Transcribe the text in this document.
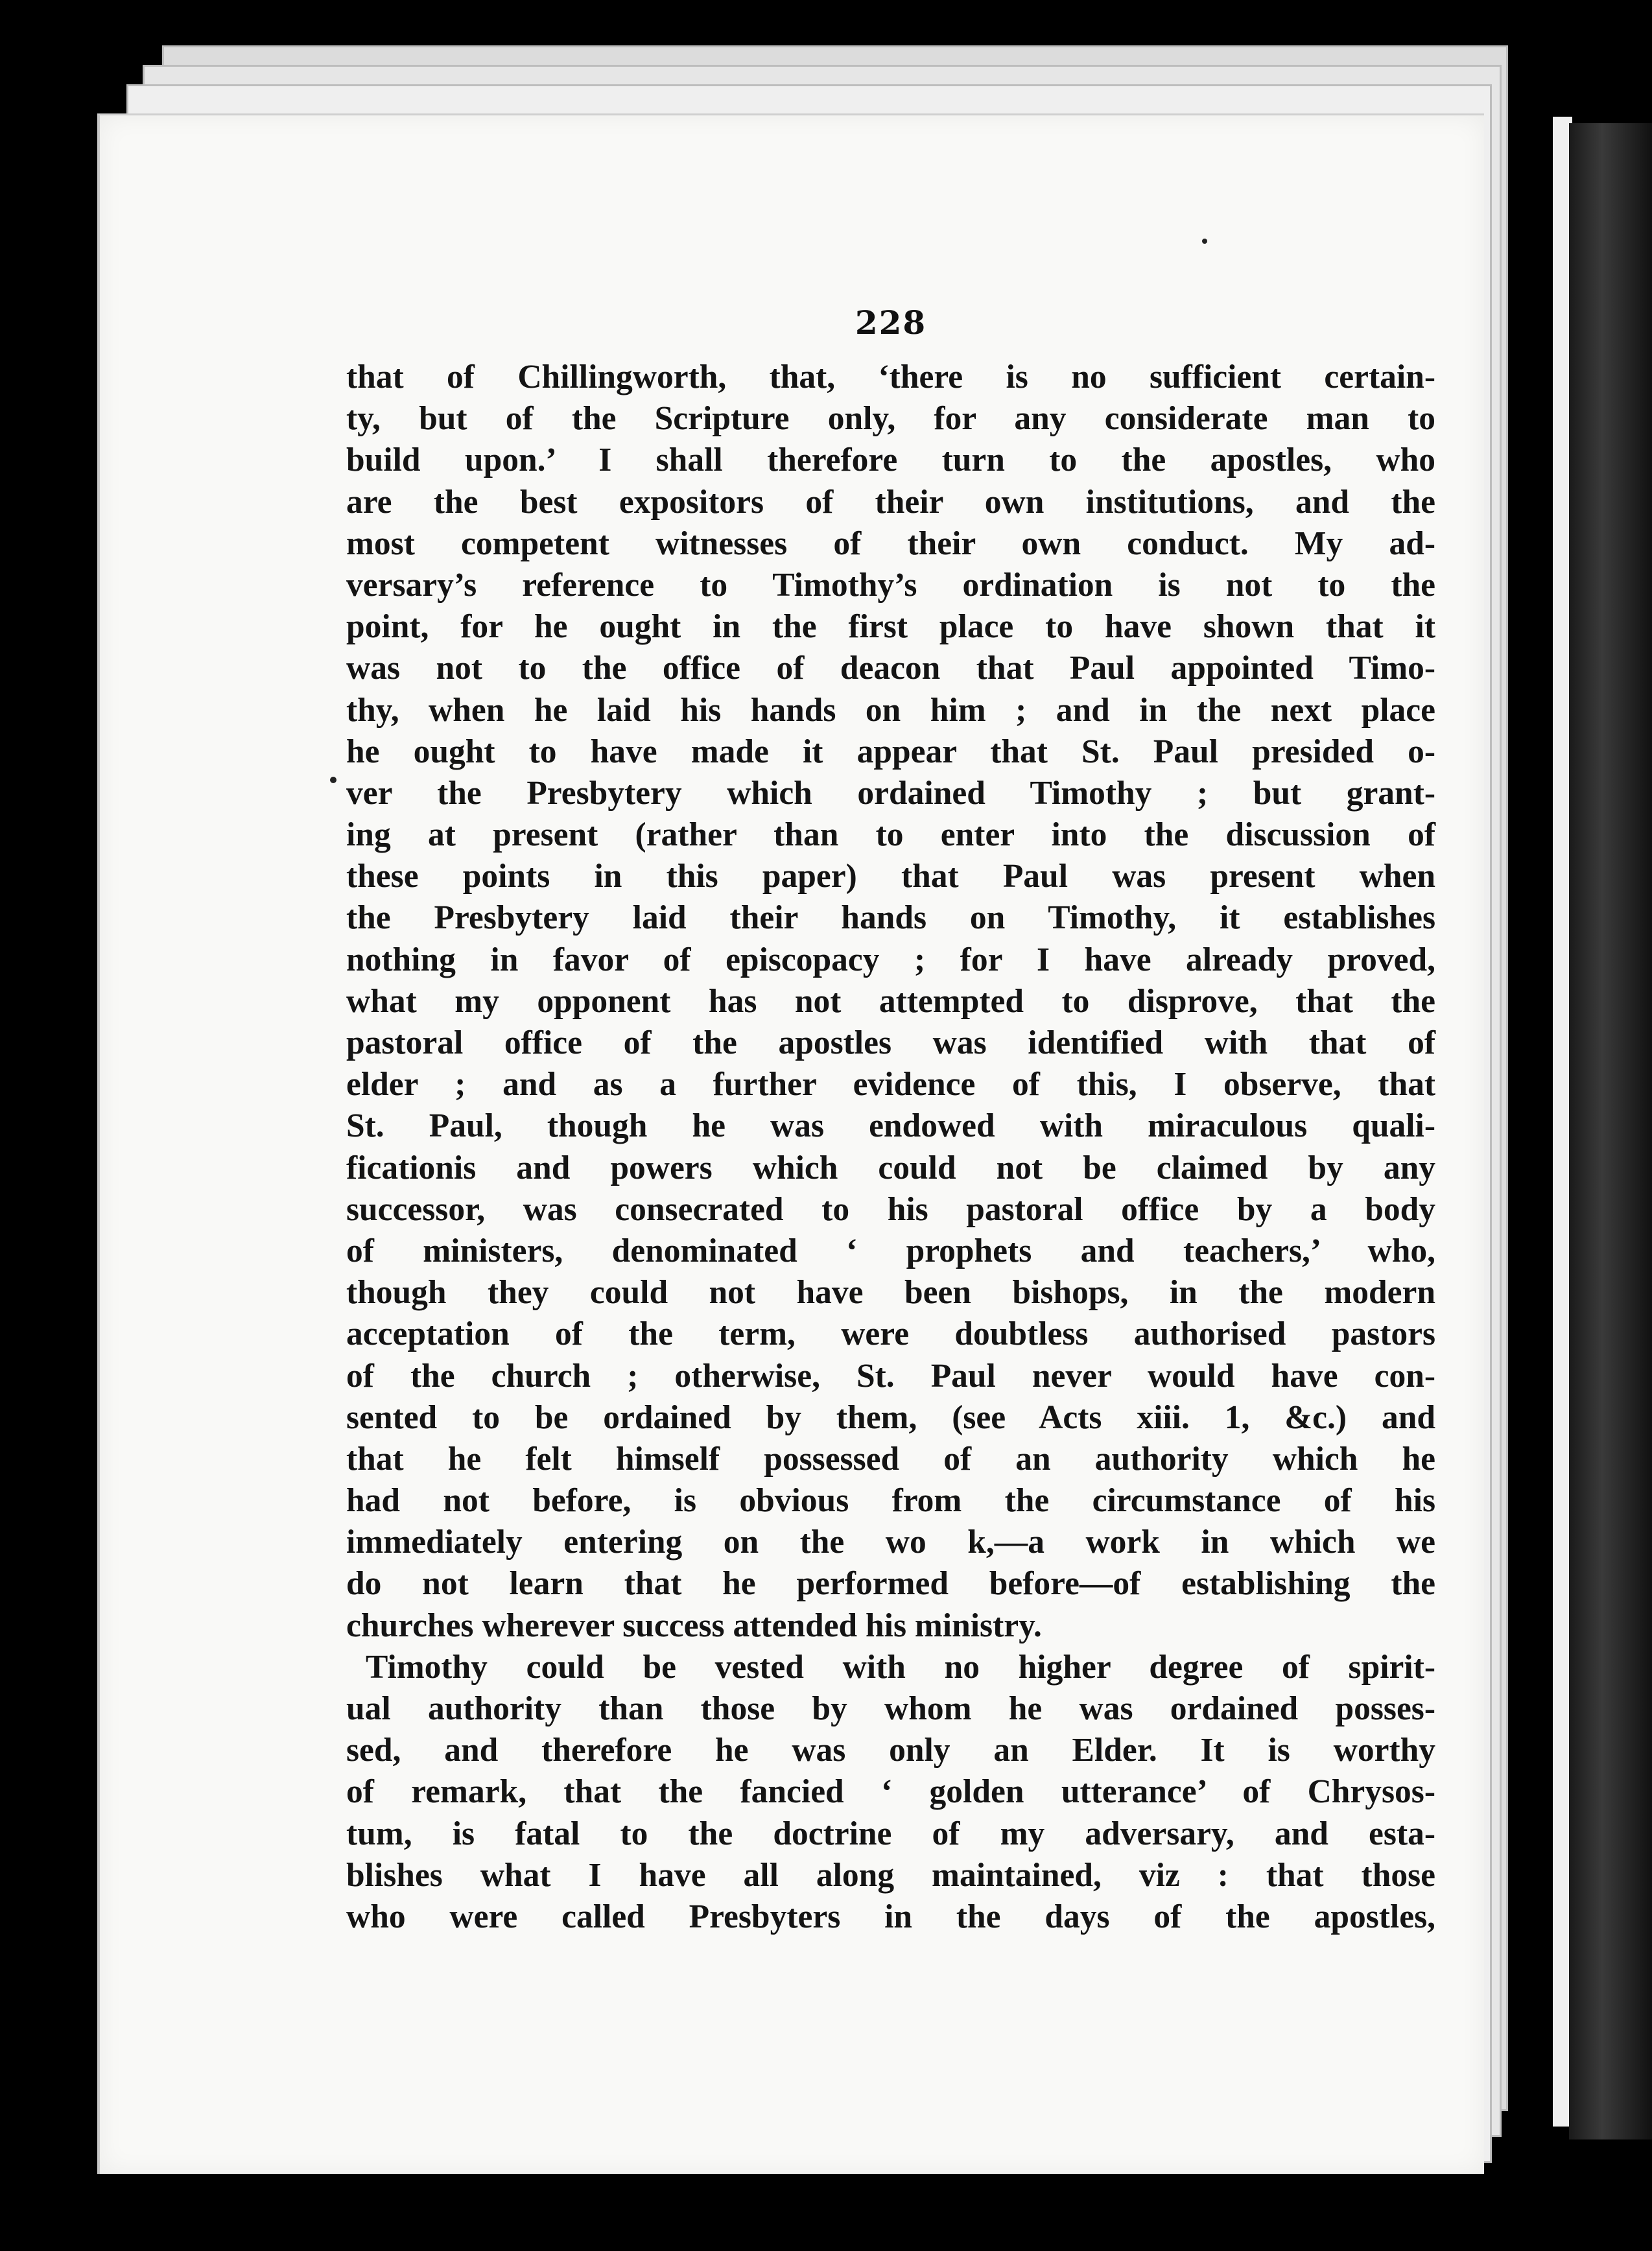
228
that of Chillingworth, that, ‘there is no sufficient certain-
ty, but of the Scripture only, for any considerate man to
build upon.’ I shall therefore turn to the apostles, who
are the best expositors of their own institutions, and the
most competent witnesses of their own conduct. My ad-
versary’s reference to Timothy’s ordination is not to the
point, for he ought in the first place to have shown that it
was not to the office of deacon that Paul appointed Timo-
thy, when he laid his hands on him ; and in the next place
he ought to have made it appear that St. Paul presided o-
ver the Presbytery which ordained Timothy ; but grant-
ing at present (rather than to enter into the discussion of
these points in this paper) that Paul was present when
the Presbytery laid their hands on Timothy, it establishes
nothing in favor of episcopacy ; for I have already proved,
what my opponent has not attempted to disprove, that the
pastoral office of the apostles was identified with that of
elder ; and as a further evidence of this, I observe, that
St. Paul, though he was endowed with miraculous quali-
ficationis and powers which could not be claimed by any
successor, was consecrated to his pastoral office by a body
of ministers, denominated ‘ prophets and teachers,’ who,
though they could not have been bishops, in the modern
acceptation of the term, were doubtless authorised pastors
of the church ; otherwise, St. Paul never would have con-
sented to be ordained by them, (see Acts xiii. 1, &c.) and
that he felt himself possessed of an authority which he
had not before, is obvious from the circumstance of his
immediately entering on the wo k,—a work in which we
do not learn that he performed before—of establishing the
churches wherever success attended his ministry.
Timothy could be vested with no higher degree of spirit-
ual authority than those by whom he was ordained posses-
sed, and therefore he was only an Elder. It is worthy
of remark, that the fancied ‘ golden utterance’ of Chrysos-
tum, is fatal to the doctrine of my adversary, and esta-
blishes what I have all along maintained, viz : that those
who were called Presbyters in the days of the apostles,
